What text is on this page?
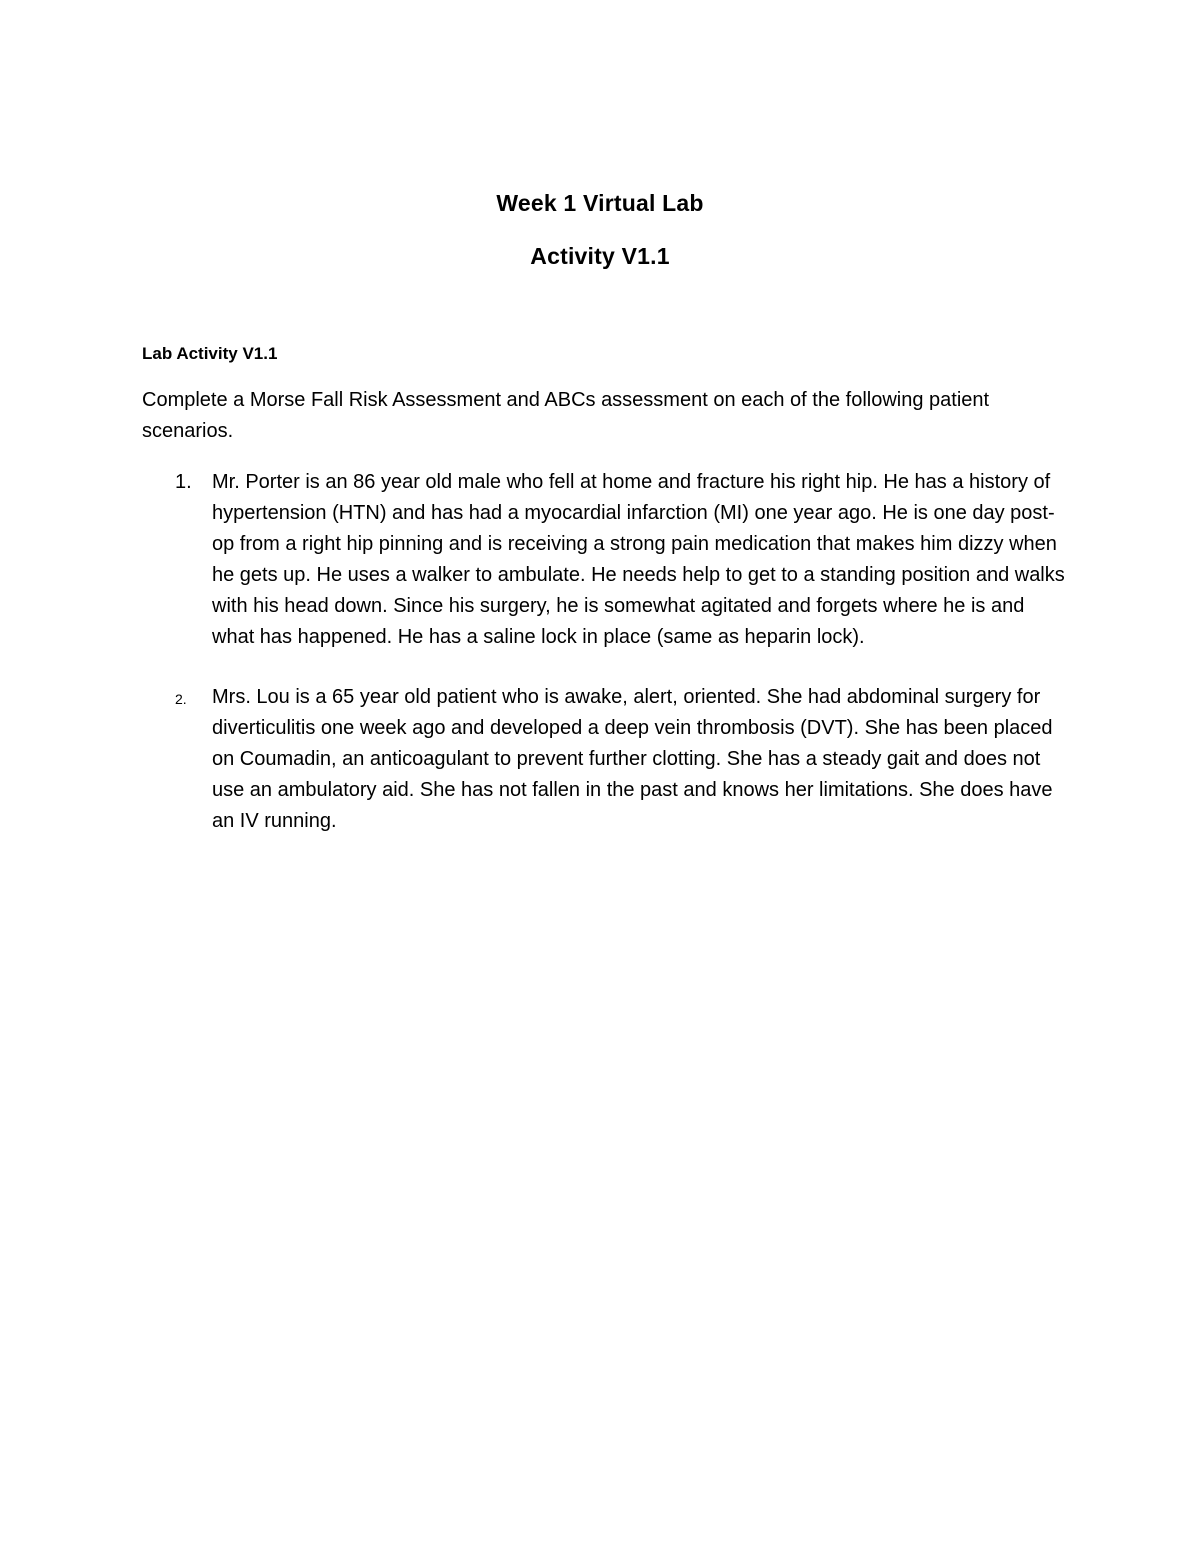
Week 1 Virtual Lab
Activity V1.1

Lab Activity V1.1

Complete a Morse Fall Risk Assessment and ABCs assessment on each of the following patient scenarios.

1. Mr. Porter is an 86 year old male who fell at home and fracture his right hip. He has a history of hypertension (HTN) and has had a myocardial infarction (MI) one year ago. He is one day post-op from a right hip pinning and is receiving a strong pain medication that makes him dizzy when he gets up. He uses a walker to ambulate. He needs help to get to a standing position and walks with his head down. Since his surgery, he is somewhat agitated and forgets where he is and what has happened. He has a saline lock in place (same as heparin lock).
2. Mrs. Lou is a 65 year old patient who is awake, alert, oriented. She had abdominal surgery for diverticulitis one week ago and developed a deep vein thrombosis (DVT). She has been placed on Coumadin, an anticoagulant to prevent further clotting. She has a steady gait and does not use an ambulatory aid. She has not fallen in the past and knows her limitations. She does have an IV running.
